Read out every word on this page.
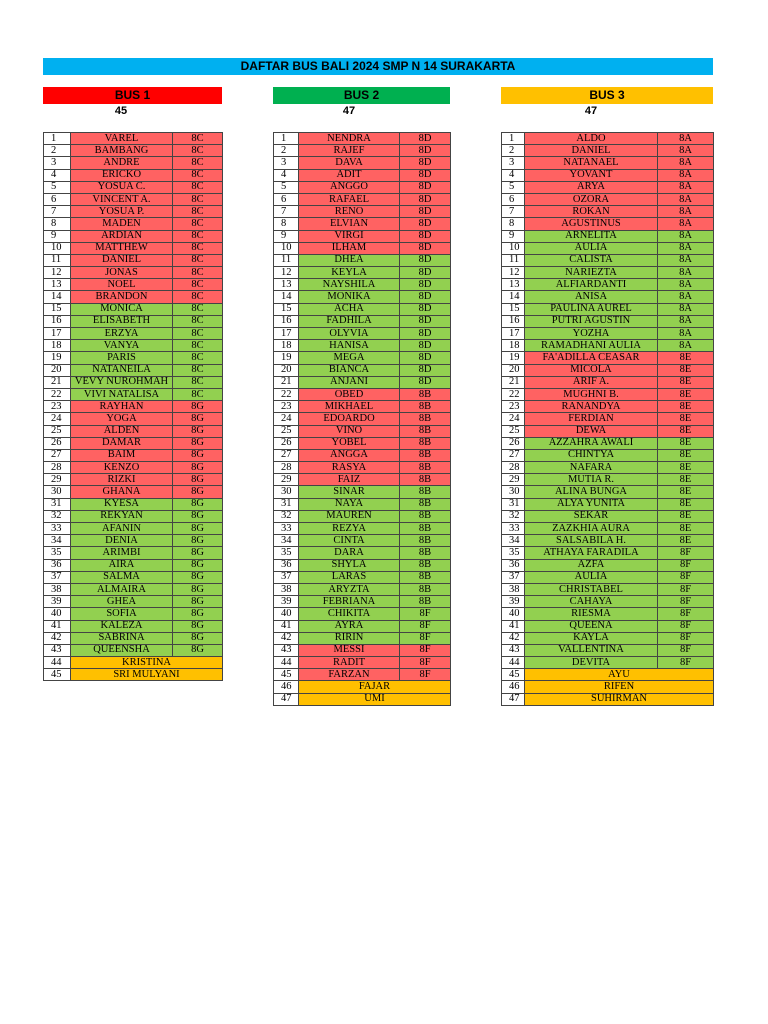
DAFTAR BUS BALI 2024 SMP N 14 SURAKARTA
BUS 1	BUS 2	BUS 3
45	47	47
1	VAREL	8C
2	BAMBANG	8C
3	ANDRE	8C
4	ERICKO	8C
5	YOSUA C.	8C
6	VINCENT A.	8C
7	YOSUA P.	8C
8	MADEN	8C
9	ARDIAN	8C
10	MATTHEW	8C
11	DANIEL	8C
12	JONAS	8C
13	NOEL	8C
14	BRANDON	8C
15	MONICA	8C
16	ELISABETH	8C
17	ERZYA	8C
18	VANYA	8C
19	PARIS	8C
20	NATANEILA	8C
21	VEVY NUROHMAH	8C
22	VIVI NATALISA	8C
23	RAYHAN	8G
24	YOGA	8G
25	ALDEN	8G
26	DAMAR	8G
27	BAIM	8G
28	KENZO	8G
29	RIZKI	8G
30	GHANA	8G
31	KYESA	8G
32	REKYAN	8G
33	AFANIN	8G
34	DENIA	8G
35	ARIMBI	8G
36	AIRA	8G
37	SALMA	8G
38	ALMAIRA	8G
39	GHEA	8G
40	SOFIA	8G
41	KALEZA	8G
42	SABRINA	8G
43	QUEENSHA	8G
44	KRISTINA	
45	SRI MULYANI	
1	NENDRA	8D
2	RAJEF	8D
3	DAVA	8D
4	ADIT	8D
5	ANGGO	8D
6	RAFAEL	8D
7	RENO	8D
8	ELVIAN	8D
9	VIRGI	8D
10	ILHAM	8D
11	DHEA	8D
12	KEYLA	8D
13	NAYSHILA	8D
14	MONIKA	8D
15	ACHA	8D
16	FADHILA	8D
17	OLYVIA	8D
18	HANISA	8D
19	MEGA	8D
20	BIANCA	8D
21	ANJANI	8D
22	OBED	8B
23	MIKHAEL	8B
24	EDOARDO	8B
25	VINO	8B
26	YOBEL	8B
27	ANGGA	8B
28	RASYA	8B
29	FAIZ	8B
30	SINAR	8B
31	NAYA	8B
32	MAUREN	8B
33	REZYA	8B
34	CINTA	8B
35	DARA	8B
36	SHYLA	8B
37	LARAS	8B
38	ARYZTA	8B
39	FEBRIANA	8B
40	CHIKITA	8F
41	AYRA	8F
42	RIRIN	8F
43	MESSI	8F
44	RADIT	8F
45	FARZAN	8F
46	FAJAR	
47	UMI	
1	ALDO	8A
2	DANIEL	8A
3	NATANAEL	8A
4	YOVANT	8A
5	ARYA	8A
6	OZORA	8A
7	ROKAN	8A
8	AGUSTINUS	8A
9	ARNELITA	8A
10	AULIA	8A
11	CALISTA	8A
12	NARIEZTA	8A
13	ALFIARDANTI	8A
14	ANISA	8A
15	PAULINA AUREL	8A
16	PUTRI AGUSTIN	8A
17	YOZHA	8A
18	RAMADHANI AULIA	8A
19	FA'ADILLA CEASAR	8E
20	MICOLA	8E
21	ARIF A.	8E
22	MUGHNI B.	8E
23	RANANDYA	8E
24	FERDIAN	8E
25	DEWA	8E
26	AZZAHRA AWALI	8E
27	CHINTYA	8E
28	NAFARA	8E
29	MUTIA R.	8E
30	ALINA BUNGA	8E
31	ALYA YUNITA	8E
32	SEKAR	8E
33	ZAZKHIA AURA	8E
34	SALSABILA H.	8E
35	ATHAYA FARADILA	8F
36	AZFA	8F
37	AULIA	8F
38	CHRISTABEL	8F
39	CAHAYA	8F
40	RIESMA	8F
41	QUEENA	8F
42	KAYLA	8F
43	VALLENTINA	8F
44	DEVITA	8F
45	AYU	
46	RIFEN	
47	SUHIRMAN	
